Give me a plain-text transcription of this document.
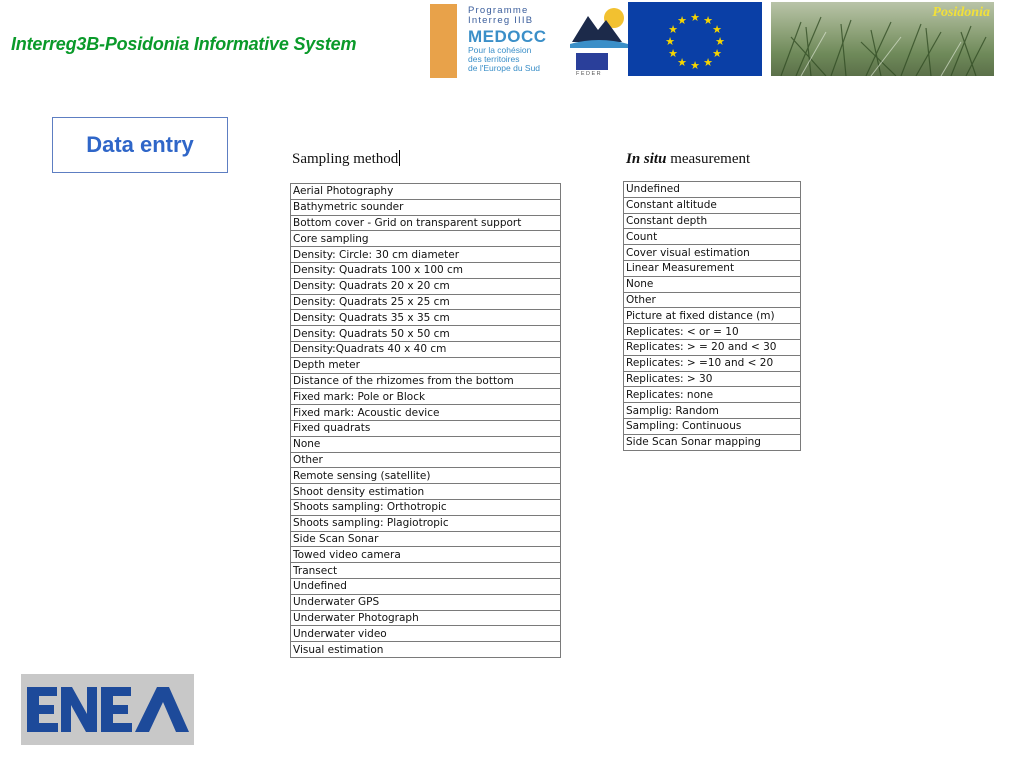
Interreg3B-Posidonia Informative System
Programme
Interreg IIIB
MEDOCC
Pour la cohésion
des territoires
de l'Europe du Sud
FEDER
★ ★
★
★
★
★
★
★
★
★
★
★
Posidonia
Data entry
Sampling method
Aerial Photography
Bathymetric sounder
Bottom cover - Grid on transparent support
Core sampling
Density: Circle: 30 cm diameter
Density: Quadrats 100 x 100 cm
Density: Quadrats 20 x 20 cm
Density: Quadrats 25 x 25 cm
Density: Quadrats 35 x 35 cm
Density: Quadrats 50 x 50 cm
Density:Quadrats 40 x 40 cm
Depth meter
Distance of the rhizomes from the bottom
Fixed mark: Pole or Block
Fixed mark: Acoustic device
Fixed quadrats
None
Other
Remote sensing (satellite)
Shoot density estimation
Shoots sampling: Orthotropic
Shoots sampling: Plagiotropic
Side Scan Sonar
Towed video camera
Transect
Undefined
Underwater GPS
Underwater Photograph
Underwater video
Visual estimation
In situ measurement
Undefined
Constant altitude
Constant depth
Count
Cover visual estimation
Linear Measurement
None
Other
Picture at fixed distance (m)
Replicates: < or = 10
Replicates: > = 20 and < 30
Replicates: > =10 and < 20
Replicates: > 30
Replicates: none
Samplig: Random
Sampling: Continuous
Side Scan Sonar mapping
